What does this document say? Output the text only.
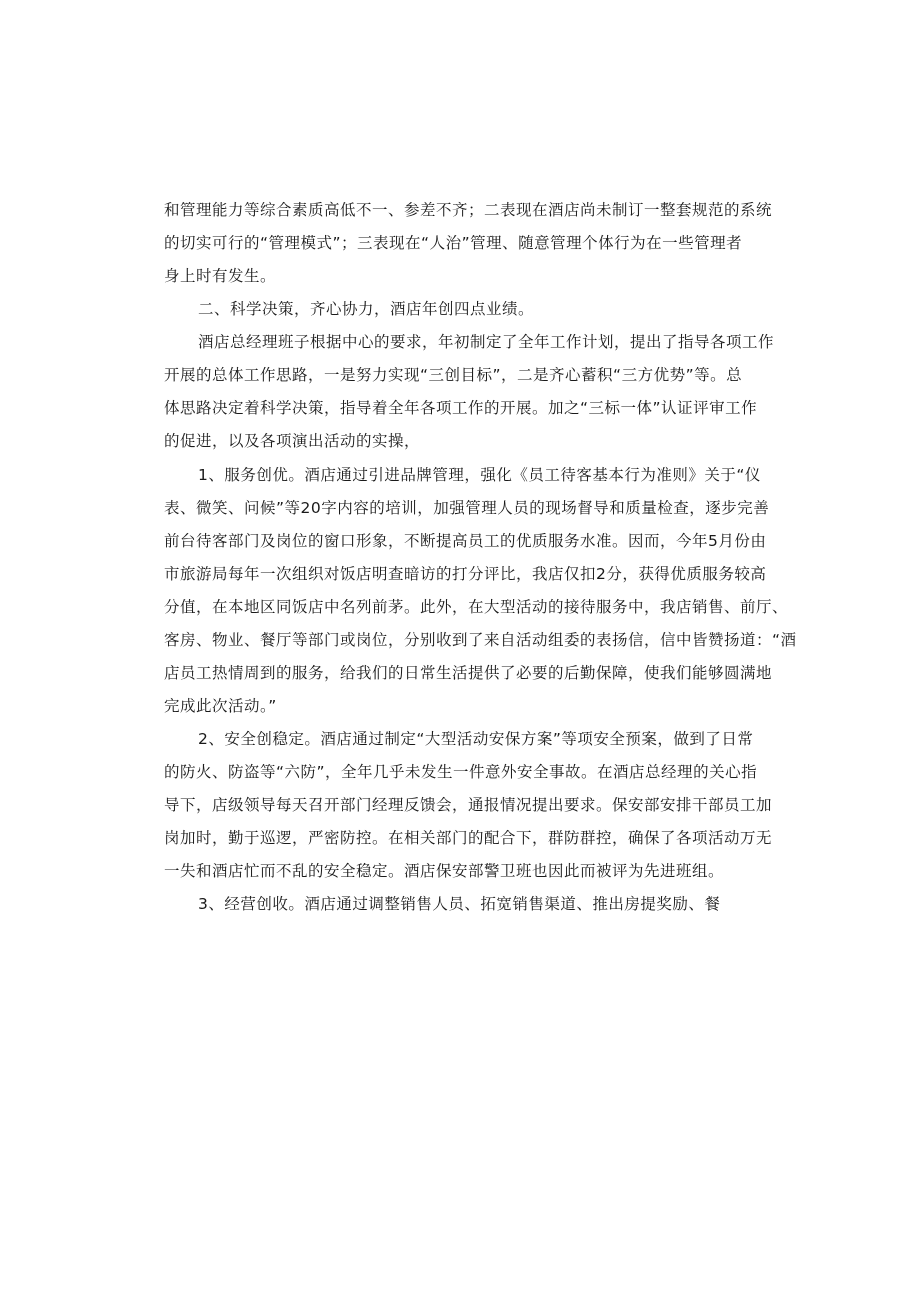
和管理能力等综合素质高低不一、参差不齐；二表现在酒店尚未制订一整套规范的系统
的切实可行的“管理模式”；三表现在“人治”管理、随意管理个体行为在一些管理者
身上时有发生。
二、科学决策，齐心协力，酒店年创四点业绩。
酒店总经理班子根据中心的要求，年初制定了全年工作计划，提出了指导各项工作
开展的总体工作思路，一是努力实现“三创目标”，二是齐心蓄积“三方优势”等。总
体思路决定着科学决策，指导着全年各项工作的开展。加之“三标一体”认证评审工作
的促进，以及各项演出活动的实操，
1、服务创优。酒店通过引进品牌管理，强化《员工待客基本行为准则》关于“仪
表、微笑、问候”等20字内容的培训，加强管理人员的现场督导和质量检查，逐步完善
前台待客部门及岗位的窗口形象，不断提高员工的优质服务水准。因而，今年5月份由
市旅游局每年一次组织对饭店明查暗访的打分评比，我店仅扣2分，获得优质服务较高
分值，在本地区同饭店中名列前茅。此外，在大型活动的接待服务中，我店销售、前厅、
客房、物业、餐厅等部门或岗位，分别收到了来自活动组委的表扬信，信中皆赞扬道：“酒
店员工热情周到的服务，给我们的日常生活提供了必要的后勤保障，使我们能够圆满地
完成此次活动。”
2、安全创稳定。酒店通过制定“大型活动安保方案”等项安全预案，做到了日常
的防火、防盗等“六防”，全年几乎未发生一件意外安全事故。在酒店总经理的关心指
导下，店级领导每天召开部门经理反馈会，通报情况提出要求。保安部安排干部员工加
岗加时，勤于巡逻，严密防控。在相关部门的配合下，群防群控，确保了各项活动万无
一失和酒店忙而不乱的安全稳定。酒店保安部警卫班也因此而被评为先进班组。
3、经营创收。酒店通过调整销售人员、拓宽销售渠道、推出房提奖励、餐
